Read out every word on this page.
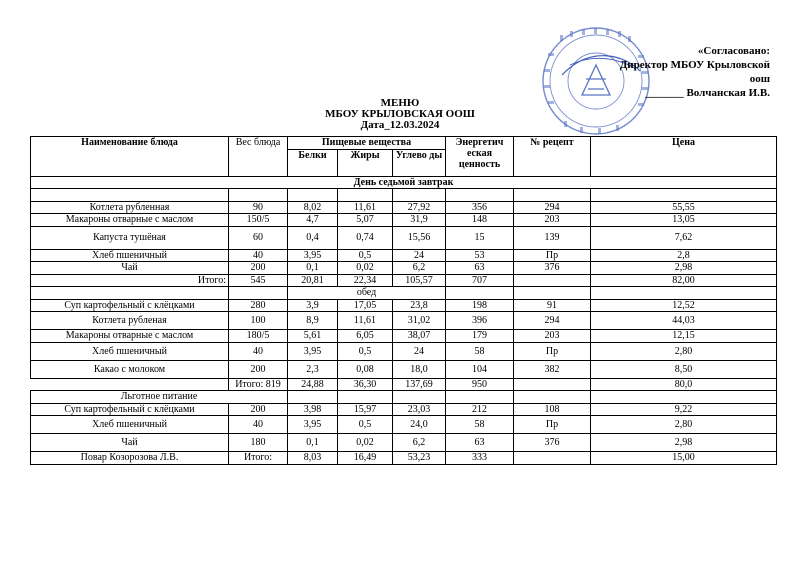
«Согласовано:
Директор МБОУ Крыловской оош
_______ Волчанская И.В.
МЕНЮ
МБОУ КРЫЛОВСКАЯ ООШ
Дата_12.03.2024
Наименование блюда	Вес блюда	Пищевые вещества			Энергетич еская ценность	№ рецепт	Цена
		Белки	Жиры	Углево ды			
День седьмой завтрак							

Котлета рубленная	90	8,02	11,61	27,92	356	294	55,55
Макароны отварные с маслом	150/5	4,7	5,07	31,9	148	203	13,05
Капуста тушёная	60	0,4	0,74	15,56	15	139	7,62
Хлеб пшеничный	40	3,95	0,5	24	53	Пр	2,8
Чай	200	0,1	0,02	6,2	63	376	2,98
Итого:	545	20,81	22,34	105,57	707		82,00
		обед					
Суп картофельный с клёцками	280	3,9	17,05	23,8	198	91	12,52
Котлета рубленая	100	8,9	11,61	31,02	396	294	44,03
Макароны отварные с маслом	180/5	5,61	6,05	38,07	179	203	12,15
Хлеб пшеничный	40	3,95	0,5	24	58	Пр	2,80
Какао с молоком	200	2,3	0,08	18,0	104	382	8,50
	Итого: 819	24,88	36,30	137,69	950		80,0
Льготное питание							
Суп картофельный с клёцками	200	3,98	15,97	23,03	212	108	9,22
Хлеб пшеничный	40	3,95	0,5	24,0	58	Пр	2,80
Чай	180	0,1	0,02	6,2	63	376	2,98
Повар Козорозова Л.В.	Итого:	8,03	16,49	53,23	333		15,00
